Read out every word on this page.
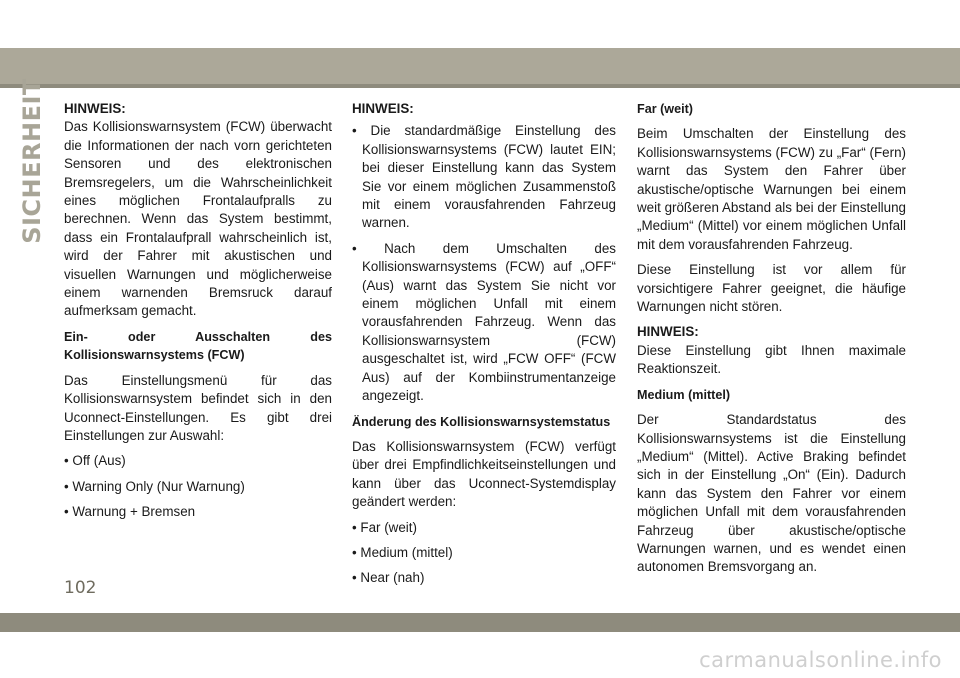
SICHERHEIT HINWEIS:

Das Kollisionswarnsystem (FCW) überwacht die Informationen der nach vorn gerichteten Sensoren und des elektronischen Bremsregelers, um die Wahrscheinlichkeit eines möglichen Frontalaufpralls zu berechnen. Wenn das System bestimmt, dass ein Frontalaufprall wahrscheinlich ist, wird der Fahrer mit akustischen und visuellen Warnungen und möglicherweise einem warnenden Bremsruck darauf aufmerksam gemacht.

Ein- oder Ausschalten des Kollisionswarnsystems (FCW)

Das Einstellungsmenü für das Kollisionswarnsystem befindet sich in den Uconnect-Einstellungen. Es gibt drei Einstellungen zur Auswahl:

• Off (Aus)

• Warning Only (Nur Warnung)

• Warnung + Bremsen

HINWEIS:

• Die standardmäßige Einstellung des Kollisionswarnsystems (FCW) lautet EIN; bei dieser Einstellung kann das System Sie vor einem möglichen Zusammenstoß mit einem vorausfahrenden Fahrzeug warnen.

• Nach dem Umschalten des Kollisionswarnsystems (FCW) auf „OFF“ (Aus) warnt das System Sie nicht vor einem möglichen Unfall mit einem vorausfahrenden Fahrzeug. Wenn das Kollisionswarnsystem (FCW) ausgeschaltet ist, wird „FCW OFF“ (FCW Aus) auf der Kombiinstrumentanzeige angezeigt.

Änderung des Kollisionswarnsystemstatus

Das Kollisionswarnsystem (FCW) verfügt über drei Empfindlichkeitseinstellungen und kann über das Uconnect-Systemdisplay geändert werden:

• Far (weit)

• Medium (mittel)

• Near (nah)

Far (weit)

Beim Umschalten der Einstellung des Kollisionswarnsystems (FCW) zu „Far“ (Fern) warnt das System den Fahrer über akustische/optische Warnungen bei einem weit größeren Abstand als bei der Einstellung „Medium“ (Mittel) vor einem möglichen Unfall mit dem vorausfahrenden Fahrzeug.

Diese Einstellung ist vor allem für vorsichtigere Fahrer geeignet, die häufige Warnungen nicht stören.

HINWEIS:

Diese Einstellung gibt Ihnen maximale Reaktionszeit.

Medium (mittel)

Der Standardstatus des Kollisionswarnsystems ist die Einstellung „Medium“ (Mittel). Active Braking befindet sich in der Einstellung „On“ (Ein). Dadurch kann das System den Fahrer vor einem möglichen Unfall mit dem vorausfahrenden Fahrzeug über akustische/optische Warnungen warnen, und es wendet einen autonomen Bremsvorgang an.

102
carmanualsonline.info
